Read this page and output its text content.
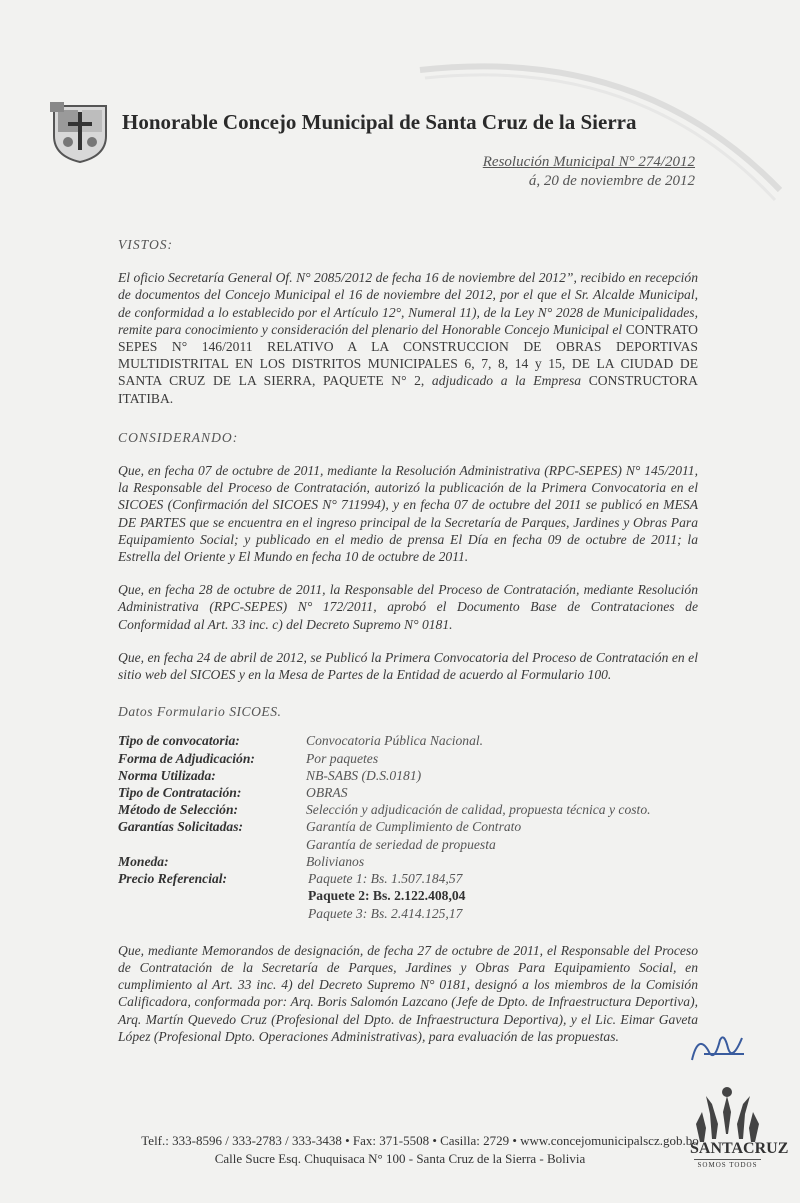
Honorable Concejo Municipal de Santa Cruz de la Sierra
Resolución Municipal N° 274/2012
á, 20 de noviembre de 2012

VISTOS:

El oficio Secretaría General Of. N° 2085/2012 de fecha 16 de noviembre del 2012”, recibido en recepción de documentos del Concejo Municipal el 16 de noviembre del 2012, por el que el Sr. Alcalde Municipal, de conformidad a lo establecido por el Artículo 12°, Numeral 11), de la Ley N° 2028 de Municipalidades, remite para conocimiento y consideración del plenario del Honorable Concejo Municipal el CONTRATO SEPES N° 146/2011 RELATIVO A LA CONSTRUCCION DE OBRAS DEPORTIVAS MULTIDISTRITAL EN LOS DISTRITOS MUNICIPALES 6, 7, 8, 14 y 15, DE LA CIUDAD DE SANTA CRUZ DE LA SIERRA, PAQUETE N° 2, adjudicado a la Empresa CONSTRUCTORA ITATIBA.

CONSIDERANDO:

Que, en fecha 07 de octubre de 2011, mediante la Resolución Administrativa (RPC-SEPES) N° 145/2011, la Responsable del Proceso de Contratación, autorizó la publicación de la Primera Convocatoria en el SICOES (Confirmación del SICOES N° 711994), y en fecha 07 de octubre del 2011 se publicó en MESA DE PARTES que se encuentra en el ingreso principal de la Secretaría de Parques, Jardines y Obras Para Equipamiento Social; y publicado en el medio de prensa El Día en fecha 09 de octubre de 2011; la Estrella del Oriente y El Mundo en fecha 10 de octubre de 2011.

Que, en fecha 28 de octubre de 2011, la Responsable del Proceso de Contratación, mediante Resolución Administrativa (RPC-SEPES) N° 172/2011, aprobó el Documento Base de Contrataciones de Conformidad al Art. 33 inc. c) del Decreto Supremo N° 0181.

Que, en fecha 24 de abril de 2012, se Publicó la Primera Convocatoria del Proceso de Contratación en el sitio web del SICOES y en la Mesa de Partes de la Entidad de acuerdo al Formulario 100.

Datos Formulario SICOES.

Tipo de convocatoria:	Convocatoria Pública Nacional.
Forma de Adjudicación:	Por paquetes
Norma Utilizada:	NB-SABS (D.S.0181)
Tipo de Contratación:	OBRAS
Método de Selección:	Selección y adjudicación de calidad, propuesta técnica y costo.
Garantías Solicitadas:	Garantía de Cumplimiento de Contrato
Garantía de seriedad de propuesta
Moneda:	Bolivianos
Precio Referencial:	Paquete 1: Bs. 1.507.184,57
Paquete 2: Bs. 2.122.408,04
Paquete 3: Bs. 2.414.125,17

Que, mediante Memorandos de designación, de fecha 27 de octubre de 2011, el Responsable del Proceso de Contratación de la Secretaría de Parques, Jardines y Obras Para Equipamiento Social, en cumplimiento al Art. 33 inc. 4) del Decreto Supremo N° 0181, designó a los miembros de la Comisión Calificadora, conformada por: Arq. Boris Salomón Lazcano (Jefe de Dpto. de Infraestructura Deportiva), Arq. Martín Quevedo Cruz (Profesional del Dpto. de Infraestructura Deportiva), y el Lic. Eimar Gaveta López (Profesional Dpto. Operaciones Administrativas), para evaluación de las propuestas.

SANTACRUZ
SOMOS TODOS
Telf.: 333-8596 / 333-2783 / 333-3438 • Fax: 371-5508 • Casilla: 2729 • www.concejomunicipalscz.gob.bo
Calle Sucre Esq. Chuquisaca N° 100 - Santa Cruz de la Sierra - Bolivia
